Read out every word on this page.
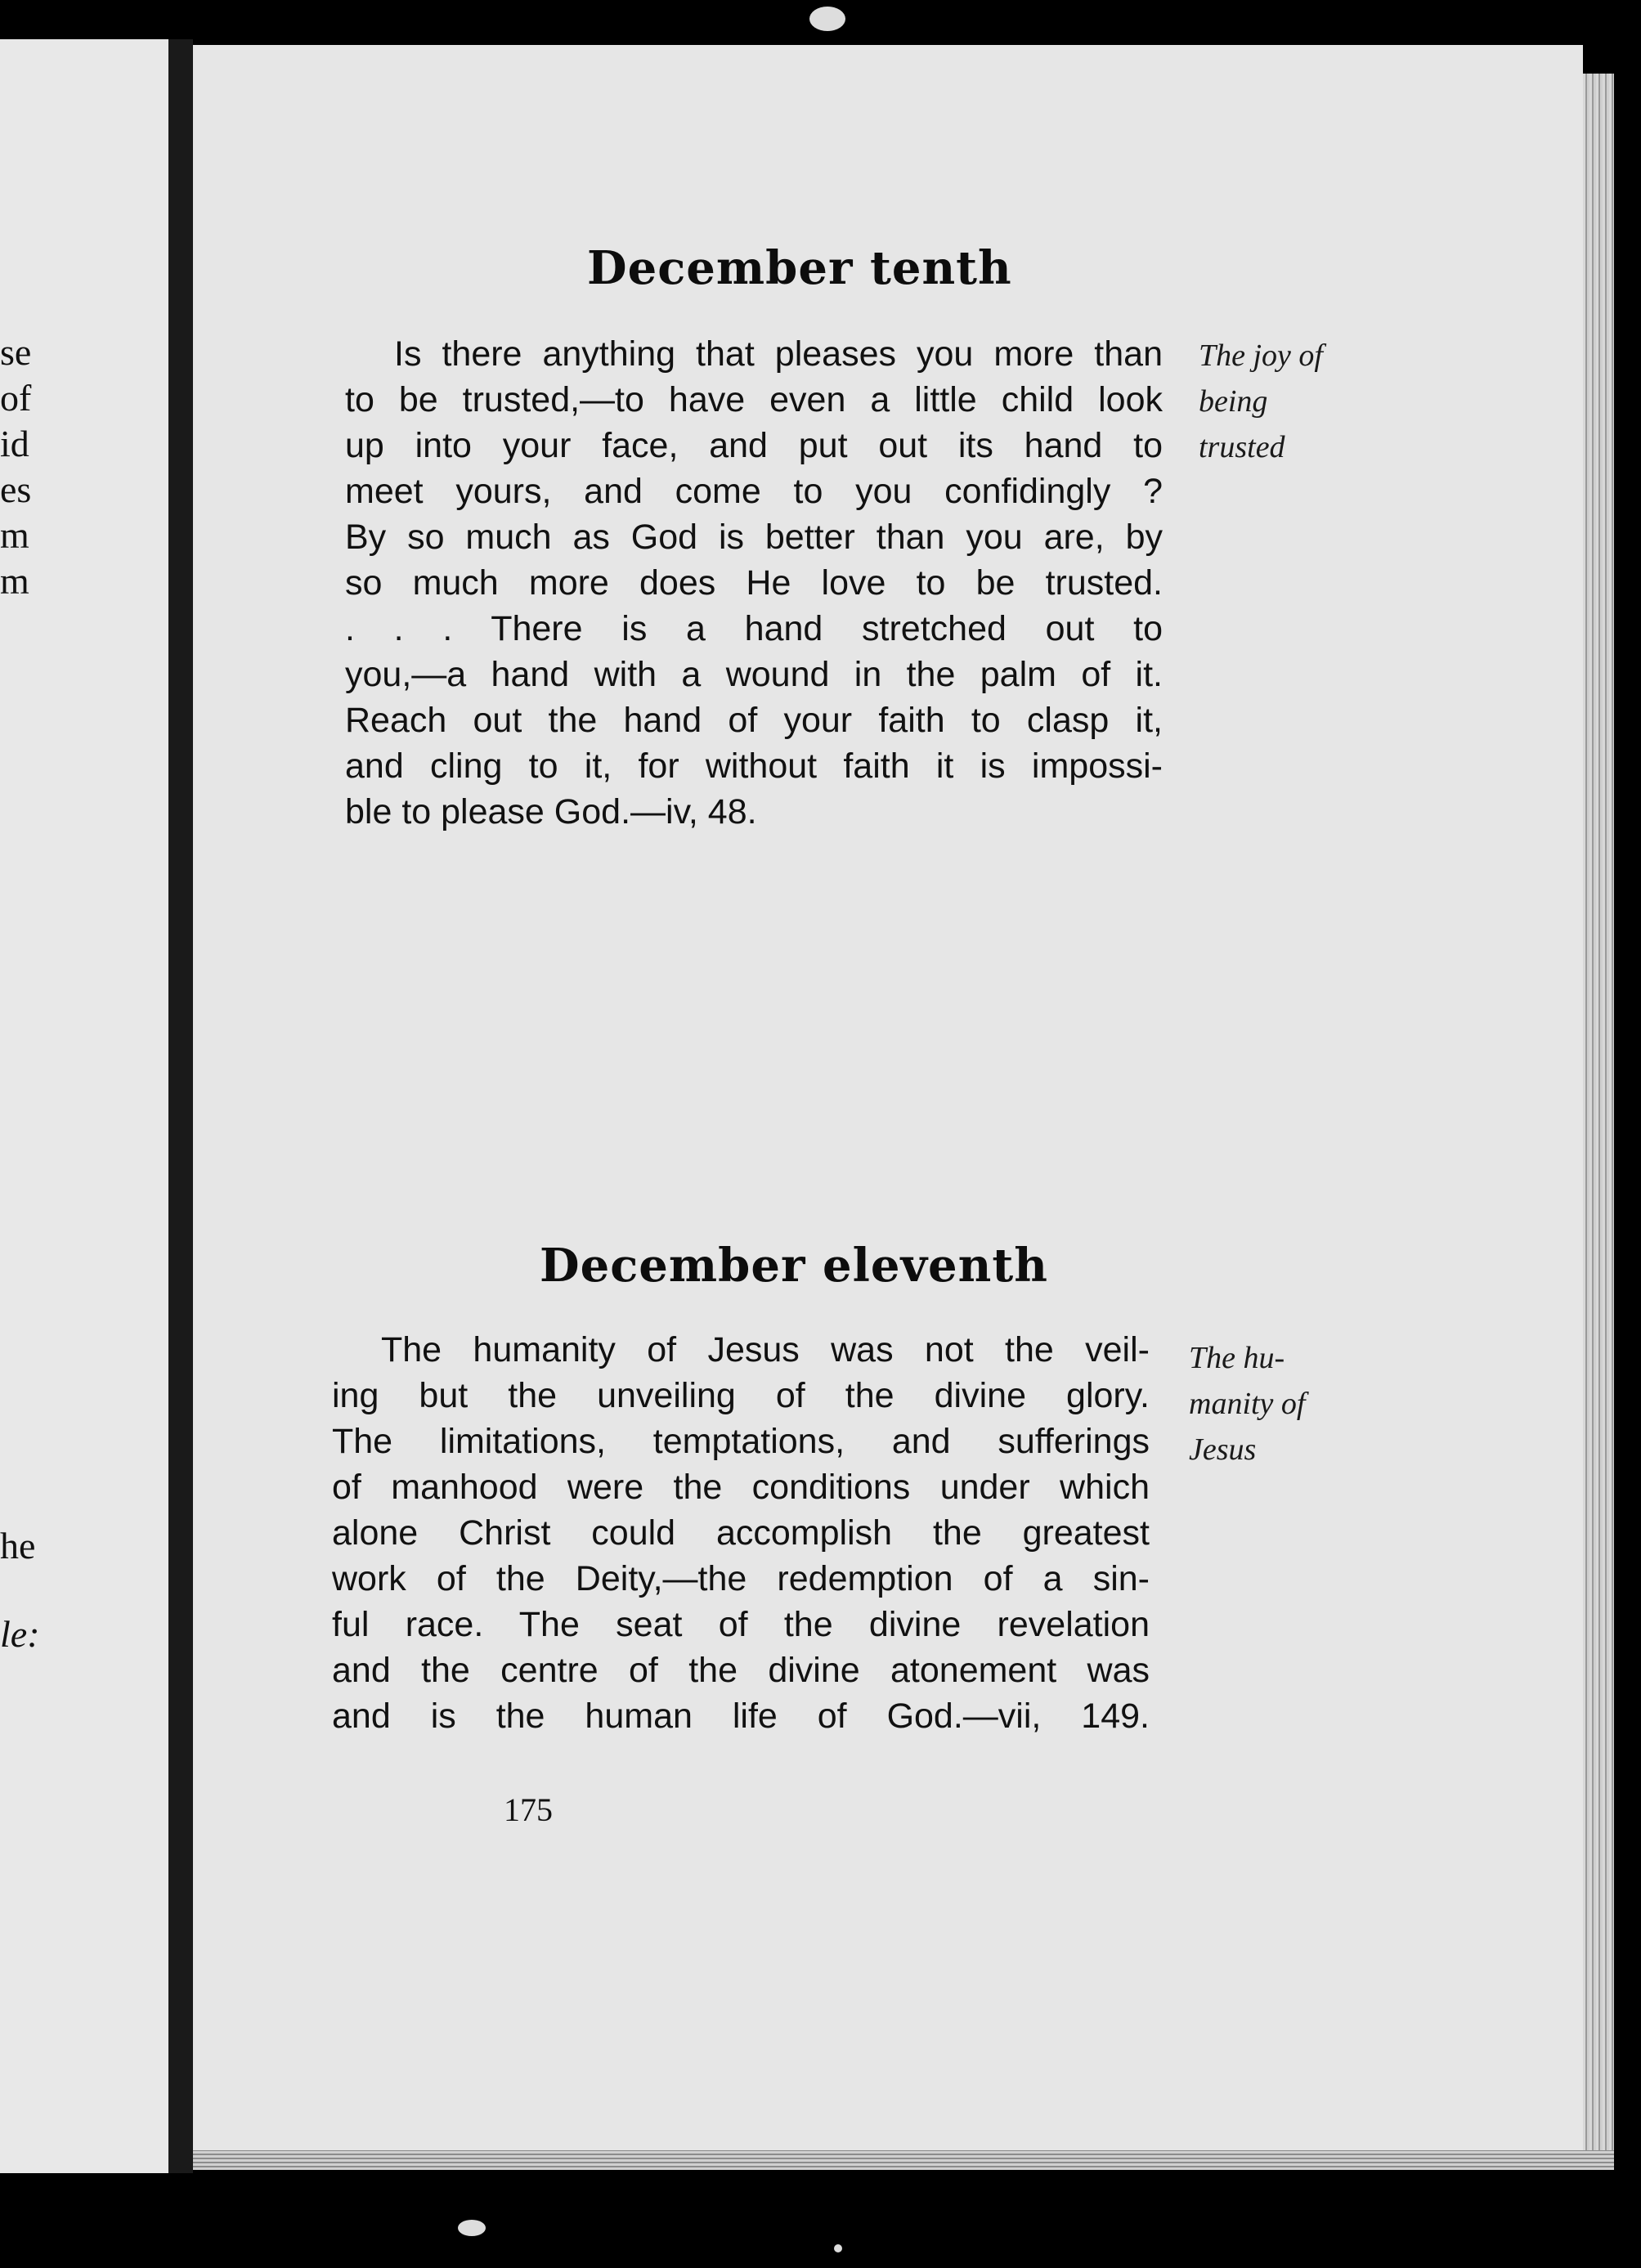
se
of
id
es
m
m
he
le:
December tenth
Is there anything that pleases you more than
to be trusted,—to have even a little child look
up into your face, and put out its hand to
meet yours, and come to you confidingly ?
By so much as God is better than you are, by
so much more does He love to be trusted.
. . . There is a hand stretched out to
you,—a hand with a wound in the palm of it.
Reach out the hand of your faith to clasp it,
and cling to it, for without faith it is impossi-
ble to please God.—iv, 48.
The joy of
being
trusted
December eleventh
The humanity of Jesus was not the veil-
ing but the unveiling of the divine glory.
The limitations, temptations, and sufferings
of manhood were the conditions under which
alone Christ could accomplish the greatest
work of the Deity,—the redemption of a sin-
ful race. The seat of the divine revelation
and the centre of the divine atonement was
and is the human life of God.—vii, 149.
The hu-
manity of
Jesus
175
